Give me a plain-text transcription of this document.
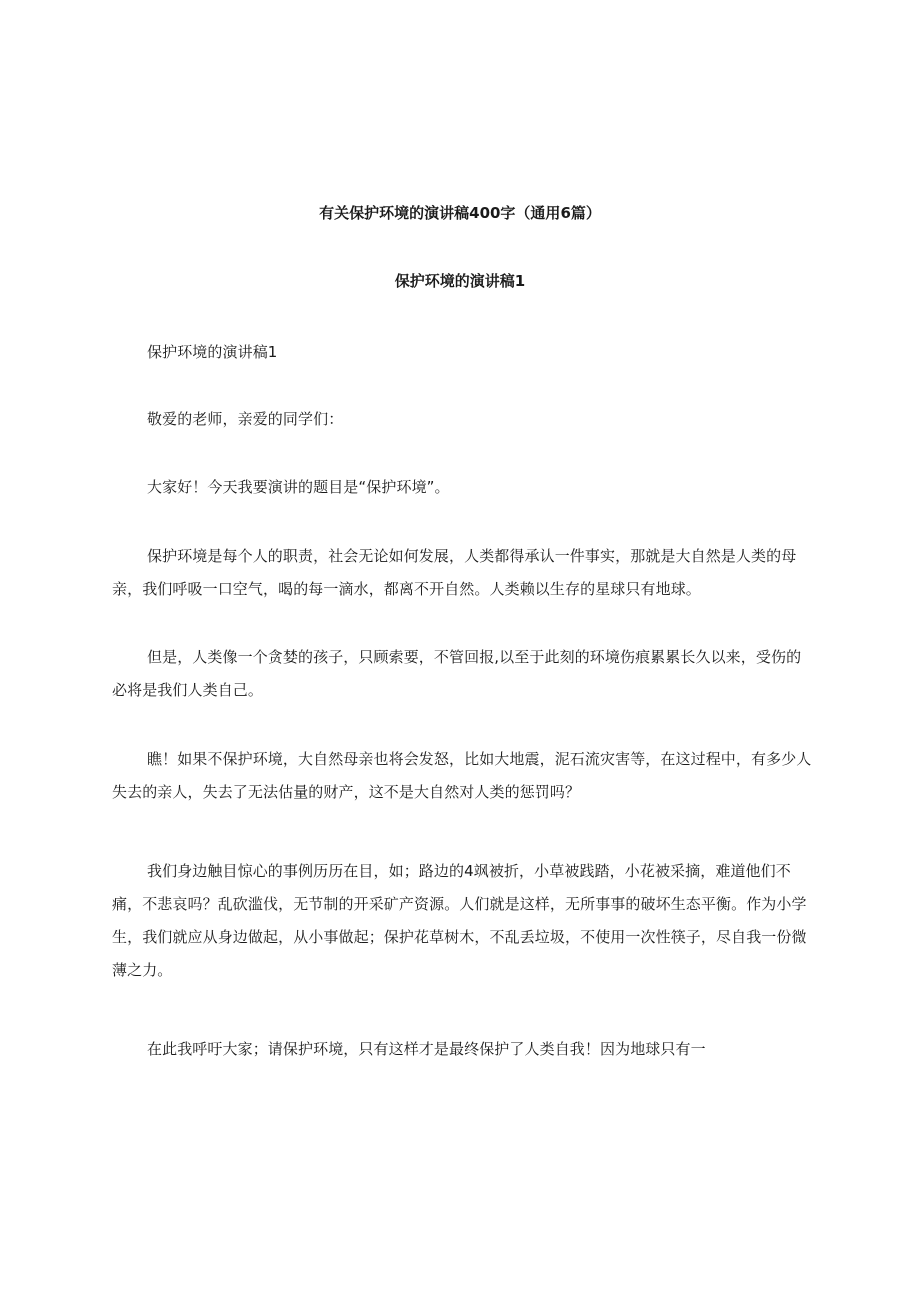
有关保护环境的演讲稿400字（通用6篇）
保护环境的演讲稿1

保护环境的演讲稿1

敬爱的老师，亲爱的同学们：

大家好！今天我要演讲的题目是“保护环境”。

保护环境是每个人的职责，社会无论如何发展，人类都得承认一件事实，那就是大自然是人类的母亲，我们呼吸一口空气，喝的每一滴水，都离不开自然。人类赖以生存的星球只有地球。

但是，人类像一个贪婪的孩子，只顾索要，不管回报,以至于此刻的环境伤痕累累长久以来，受伤的必将是我们人类自己。

瞧！如果不保护环境，大自然母亲也将会发怒，比如大地震，泥石流灾害等，在这过程中，有多少人失去的亲人，失去了无法估量的财产，这不是大自然对人类的惩罚吗？

我们身边触目惊心的事例历历在目，如；路边的4飒被折，小草被践踏，小花被采摘，难道他们不痛，不悲哀吗？乱砍滥伐，无节制的开采矿产资源。人们就是这样，无所事事的破坏生态平衡。作为小学生，我们就应从身边做起，从小事做起；保护花草树木，不乱丢垃圾，不使用一次性筷子，尽自我一份微薄之力。

在此我呼吁大家；请保护环境，只有这样才是最终保护了人类自我！因为地球只有一
